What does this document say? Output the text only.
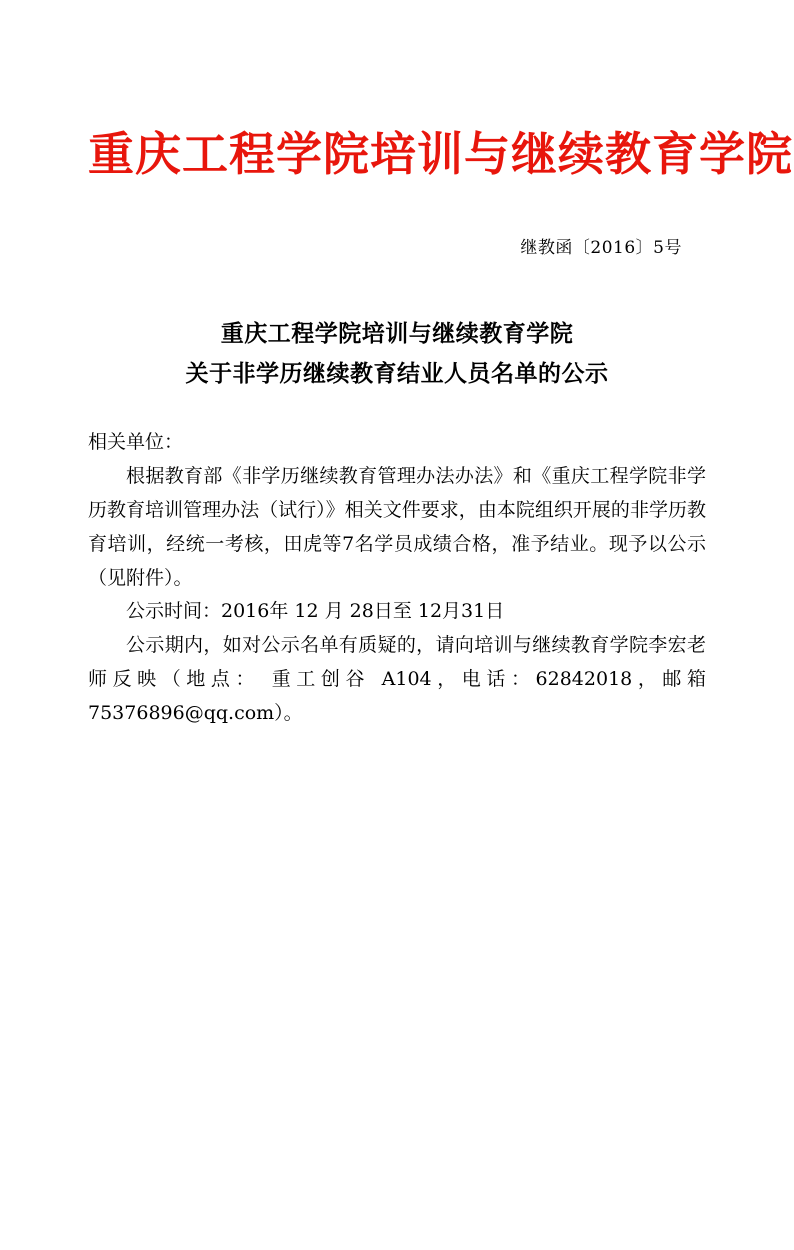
重庆工程学院培训与继续教育学院
继教函〔2016〕5号
重庆工程学院培训与继续教育学院
关于非学历继续教育结业人员名单的公示

相关单位：

根据教育部《非学历继续教育管理办法办法》和《重庆工程学院非学历教育培训管理办法（试行）》相关文件要求，由本院组织开展的非学历教育培训，经统一考核，田虎等7名学员成绩合格，准予结业。现予以公示（见附件）。

公示时间：2016年 12 月 28日至 12月31日

公示期内，如对公示名单有质疑的，请向培训与继续教育学院李宏老师反映（地点： 重工创谷 A104，电话：62842018，邮箱75376896@qq.com）。
